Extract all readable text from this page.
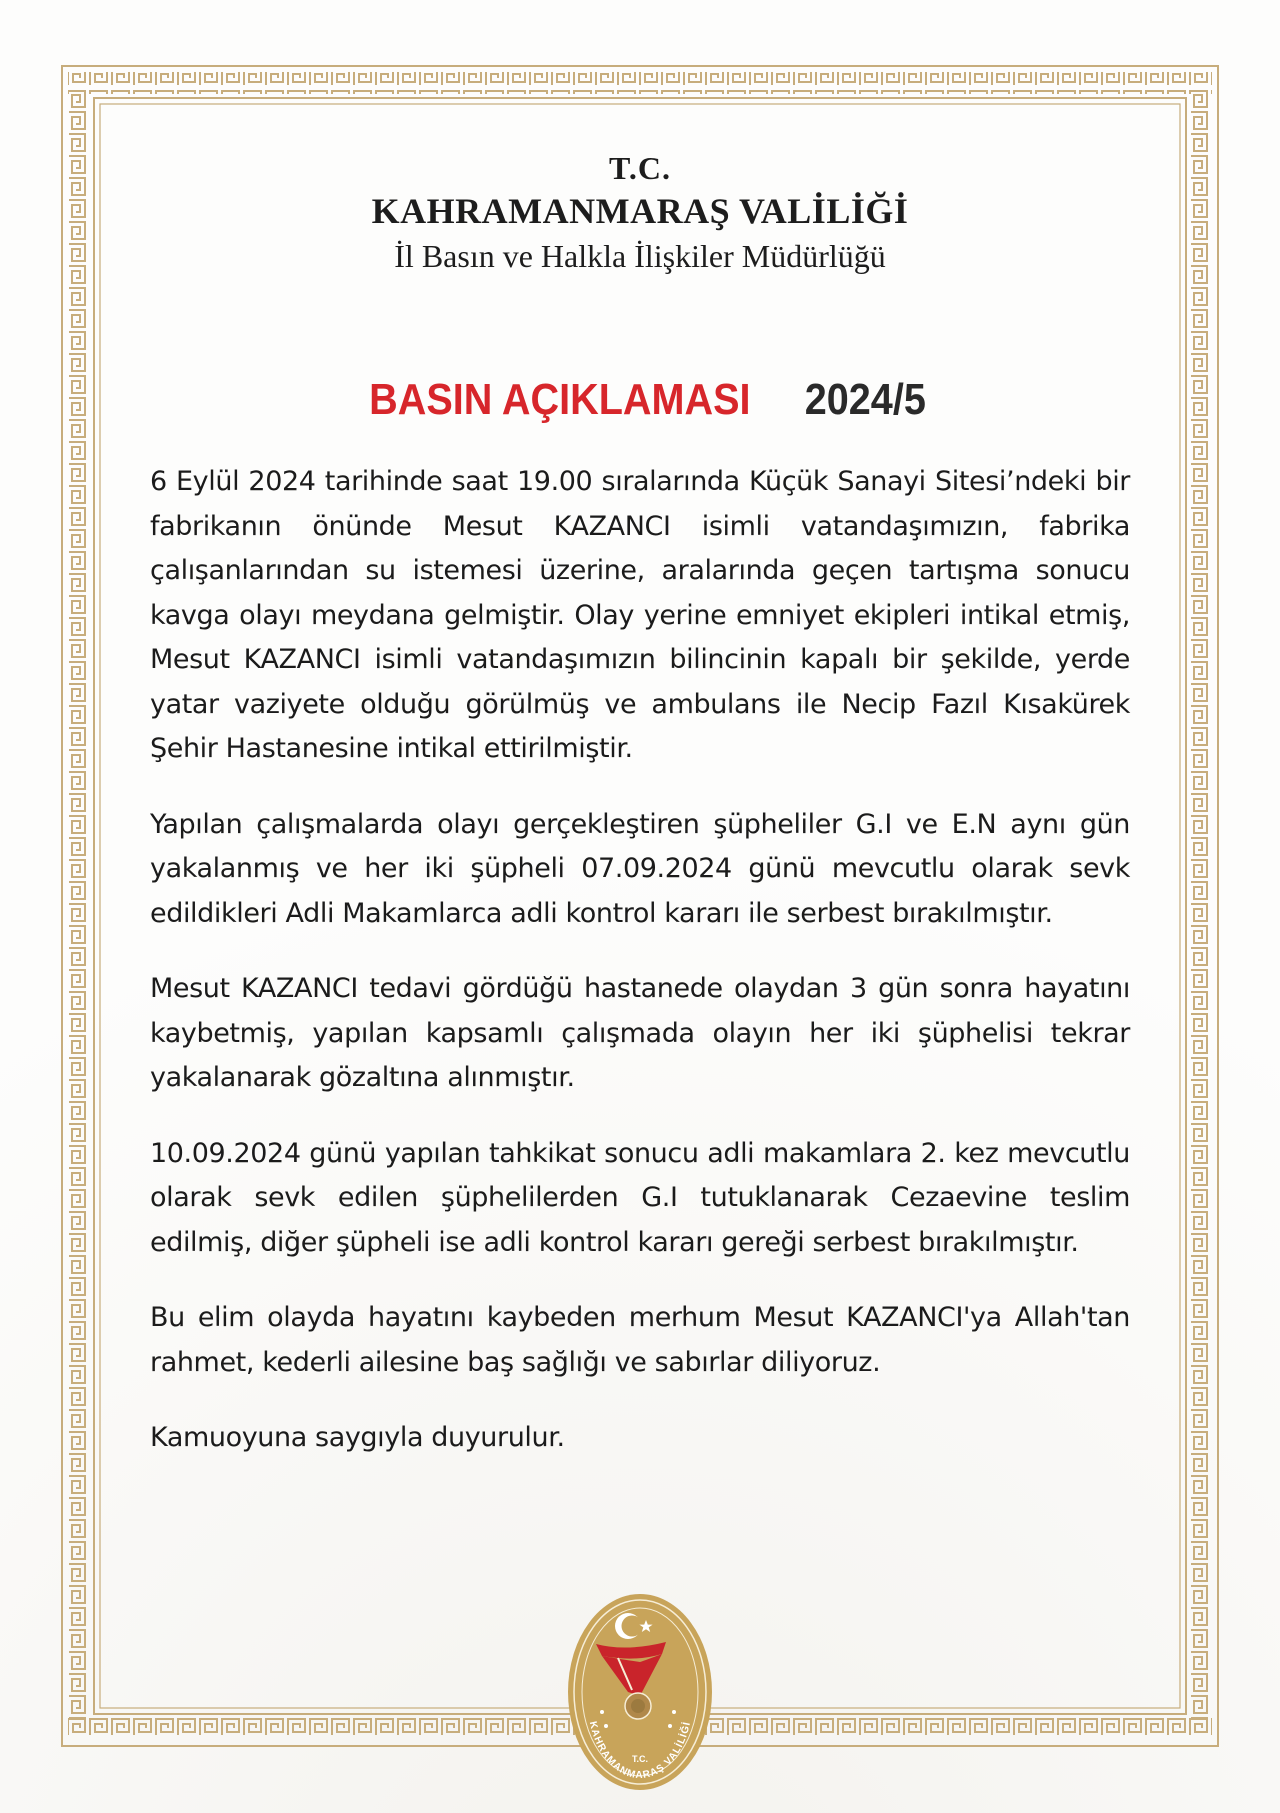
T.C.
KAHRAMANMARAŞ VALİLİĞİ
İl Basın ve Halkla İlişkiler Müdürlüğü
BASIN AÇIKLAMASI 2024/5

6 Eylül 2024 tarihinde saat 19.00 sıralarında Küçük Sanayi Sitesi’ndeki bir fabrikanın önünde Mesut KAZANCI isimli vatandaşımızın, fabrika çalışanlarından su istemesi üzerine, aralarında geçen tartışma sonucu kavga olayı meydana gelmiştir. Olay yerine emniyet ekipleri intikal etmiş, Mesut KAZANCI isimli vatandaşımızın bilincinin kapalı bir şekilde, yerde yatar vaziyete olduğu görülmüş ve ambulans ile Necip Fazıl Kısakürek Şehir Hastanesine intikal ettirilmiştir.

Yapılan çalışmalarda olayı gerçekleştiren şüpheliler G.I ve E.N aynı gün yakalanmış ve her iki şüpheli 07.09.2024 günü mevcutlu olarak sevk edildikleri Adli Makamlarca adli kontrol kararı ile serbest bırakılmıştır.

Mesut KAZANCI tedavi gördüğü hastanede olaydan 3 gün sonra hayatını kaybetmiş, yapılan kapsamlı çalışmada olayın her iki şüphelisi tekrar yakalanarak gözaltına alınmıştır.

10.09.2024 günü yapılan tahkikat sonucu adli makamlara 2. kez mevcutlu olarak sevk edilen şüphelilerden G.I tutuklanarak Cezaevine teslim edilmiş, diğer şüpheli ise adli kontrol kararı gereği serbest bırakılmıştır.

Bu elim olayda hayatını kaybeden merhum Mesut KAZANCI'ya Allah'tan rahmet, kederli ailesine baş sağlığı ve sabırlar diliyoruz.

Kamuoyuna saygıyla duyurulur.

KAHRAMANMARAŞ VALİLİĞİ
T.C.
